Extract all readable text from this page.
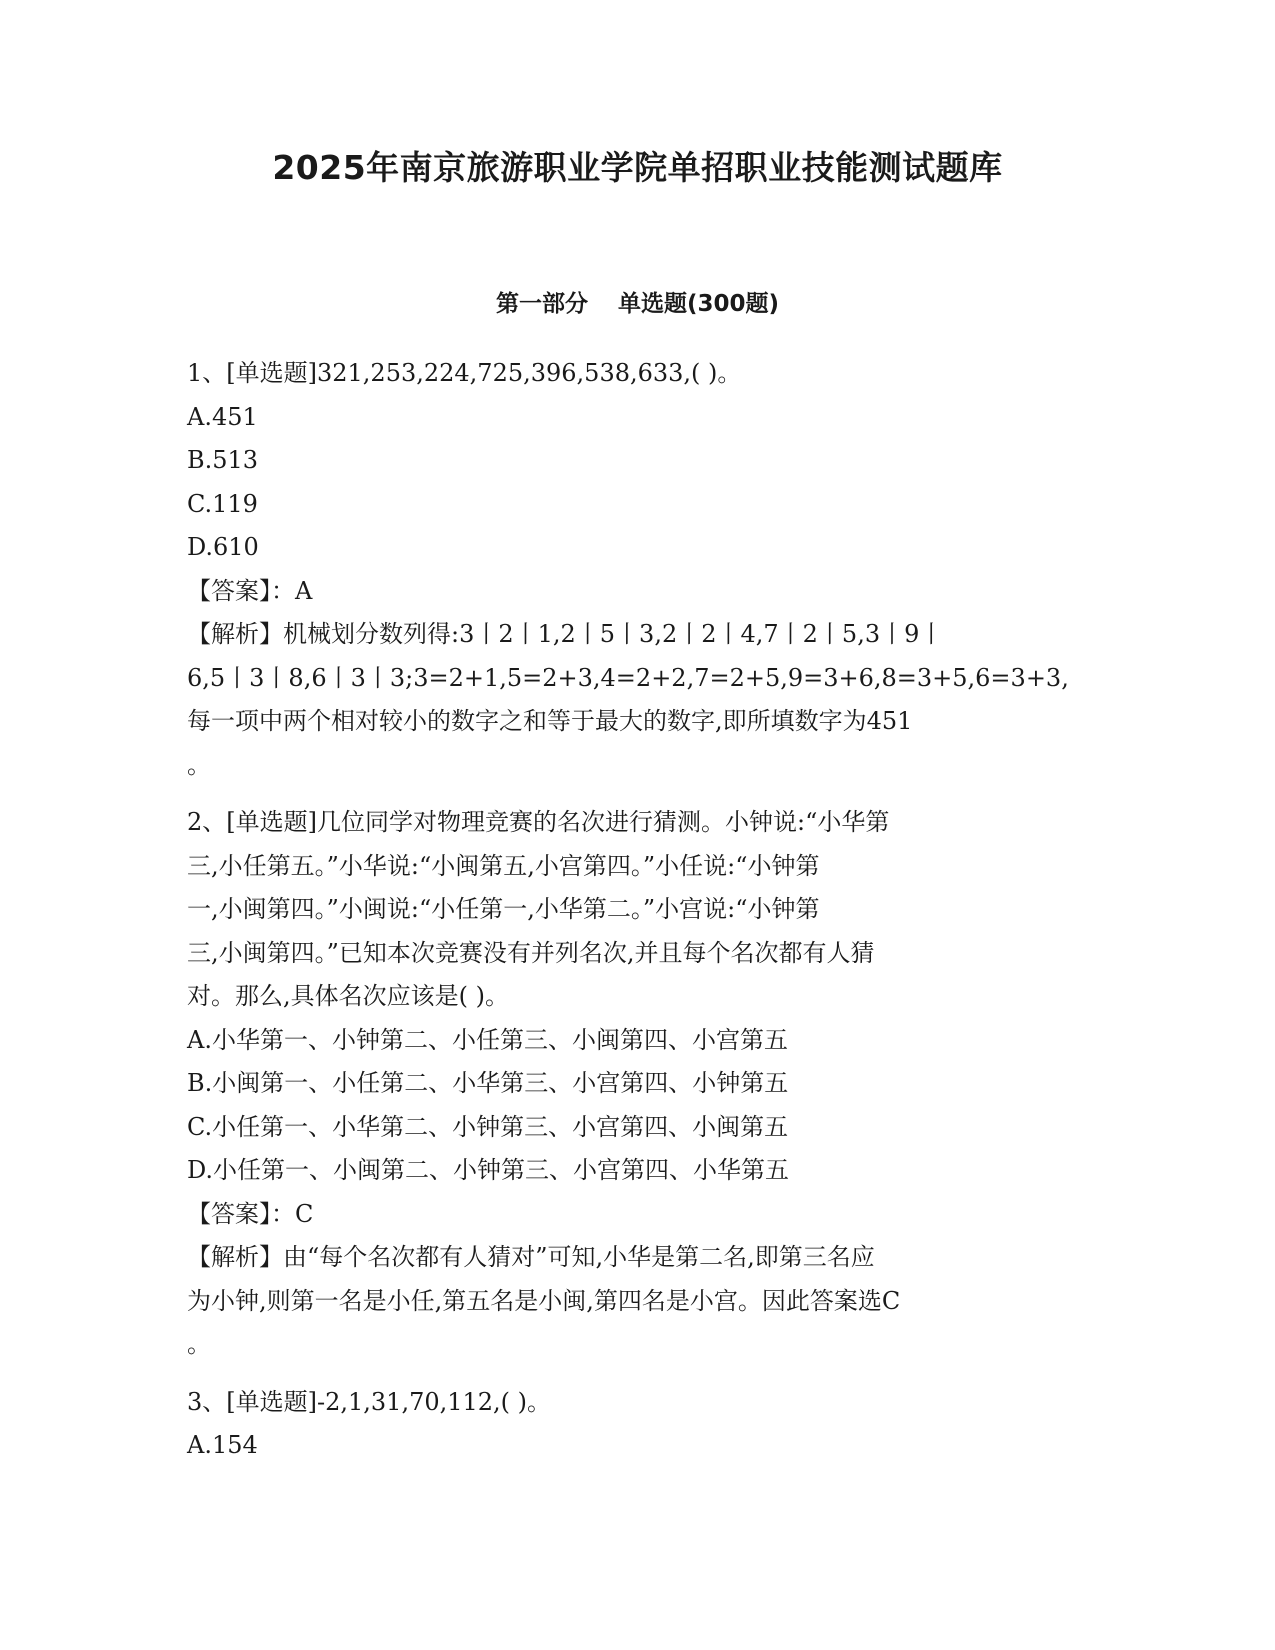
2025年南京旅游职业学院单招职业技能测试题库
第一部分 单选题(300题)
1、[单选题]321,253,224,725,396,538,633,( )。
A.451
B.513
C.119
D.610
【答案】：A
【解析】机械划分数列得:3丨2丨1,2丨5丨3,2丨2丨4,7丨2丨5,3丨9丨
6,5丨3丨8,6丨3丨3;3=2+1,5=2+3,4=2+2,7=2+5,9=3+6,8=3+5,6=3+3,
每一项中两个相对较小的数字之和等于最大的数字,即所填数字为451
。
2、[单选题]几位同学对物理竞赛的名次进行猜测。小钟说:“小华第
三,小任第五。”小华说:“小闽第五,小宫第四。”小任说:“小钟第
一,小闽第四。”小闽说:“小任第一,小华第二。”小宫说:“小钟第
三,小闽第四。”已知本次竞赛没有并列名次,并且每个名次都有人猜
对。那么,具体名次应该是( )。
A.小华第一、小钟第二、小任第三、小闽第四、小宫第五
B.小闽第一、小任第二、小华第三、小宫第四、小钟第五
C.小任第一、小华第二、小钟第三、小宫第四、小闽第五
D.小任第一、小闽第二、小钟第三、小宫第四、小华第五
【答案】：C
【解析】由“每个名次都有人猜对”可知,小华是第二名,即第三名应
为小钟,则第一名是小任,第五名是小闽,第四名是小宫。因此答案选C
。
3、[单选题]-2,1,31,70,112,( )。
A.154
